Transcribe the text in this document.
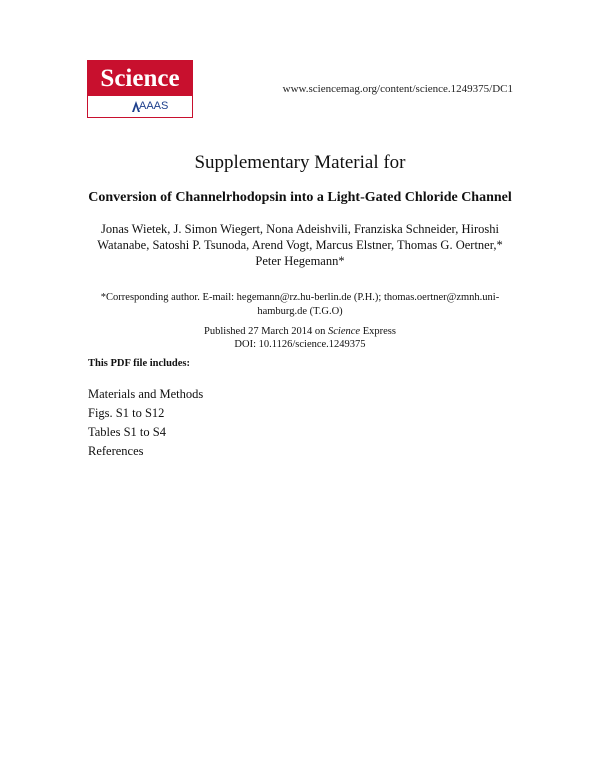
Science
AAAS
www.sciencemag.org/content/science.1249375/DC1
Supplementary Material for
Conversion of Channelrhodopsin into a Light-Gated Chloride Channel
Jonas Wietek, J. Simon Wiegert, Nona Adeishvili, Franziska Schneider, Hiroshi Watanabe, Satoshi P. Tsunoda, Arend Vogt, Marcus Elstner, Thomas G. Oertner,* Peter Hegemann*
*Corresponding author. E-mail: hegemann@rz.hu-berlin.de (P.H.); thomas.oertner@zmnh.uni-hamburg.de (T.G.O)
Published 27 March 2014 on Science Express
DOI: 10.1126/science.1249375
This PDF file includes:
Materials and Methods
Figs. S1 to S12
Tables S1 to S4
References
